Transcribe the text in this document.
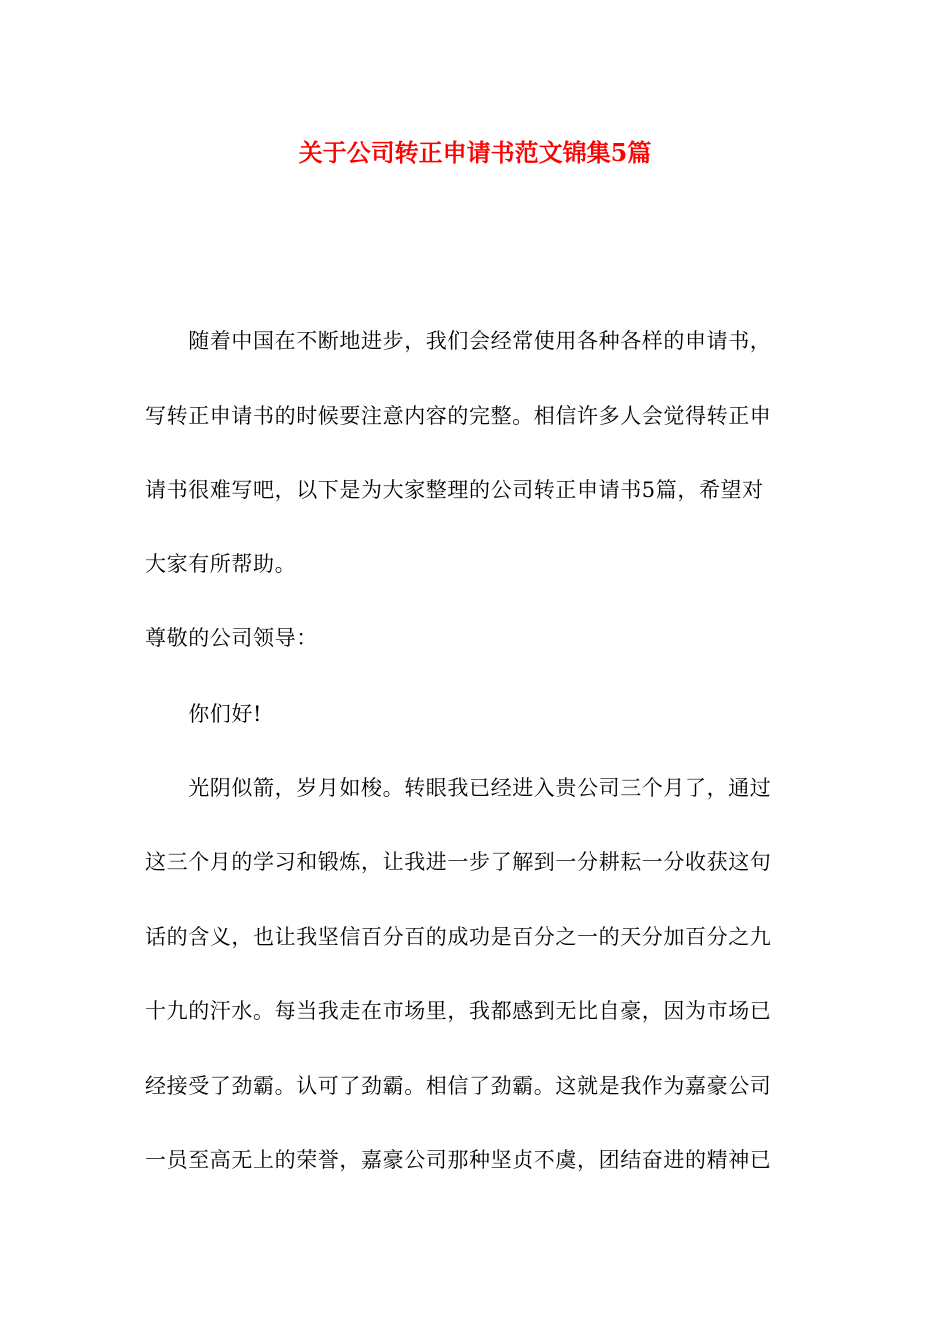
关于公司转正申请书范文锦集5篇
　　随着中国在不断地进步，我们会经常使用各种各样的申请书，
写转正申请书的时候要注意内容的完整。相信许多人会觉得转正申
请书很难写吧，以下是为大家整理的公司转正申请书5篇，希望对
大家有所帮助。
尊敬的公司领导：
　　你们好!
　　光阴似箭，岁月如梭。转眼我已经进入贵公司三个月了，通过
这三个月的学习和锻炼，让我进一步了解到一分耕耘一分收获这句
话的含义，也让我坚信百分百的成功是百分之一的天分加百分之九
十九的汗水。每当我走在市场里，我都感到无比自豪，因为市场已
经接受了劲霸。认可了劲霸。相信了劲霸。这就是我作为嘉豪公司
一员至高无上的荣誉，嘉豪公司那种坚贞不虞，团结奋进的精神已
